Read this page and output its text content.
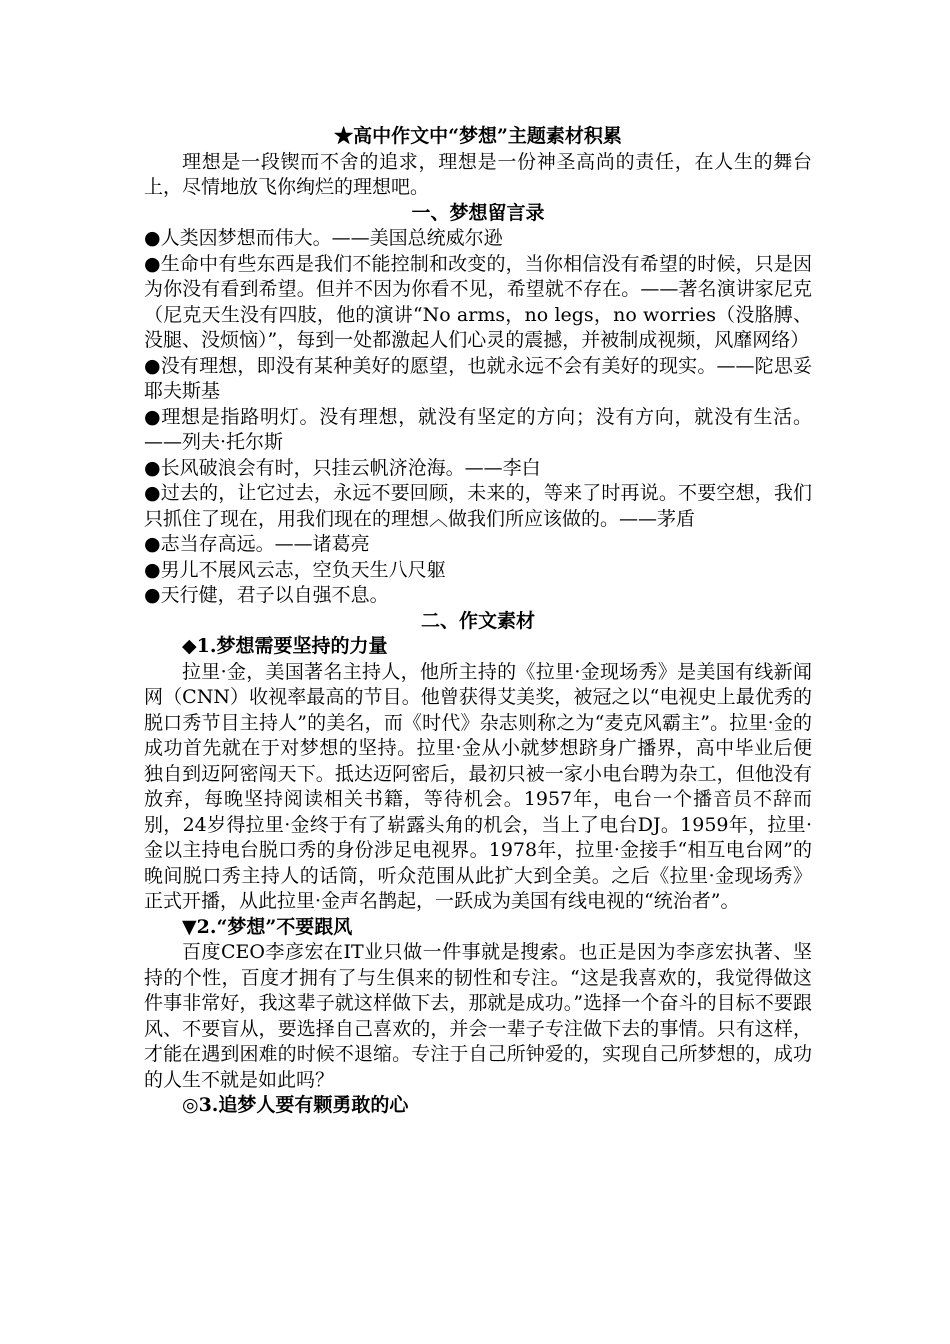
★高中作文中“梦想”主题素材积累

理想是一段锲而不舍的追求，理想是一份神圣高尚的责任，在人生的舞台上，尽情地放飞你绚烂的理想吧。

一、梦想留言录

●人类因梦想而伟大。——美国总统威尔逊

●生命中有些东西是我们不能控制和改变的，当你相信没有希望的时候，只是因为你没有看到希望。但并不因为你看不见，希望就不存在。——著名演讲家尼克（尼克天生没有四肢，他的演讲“No arms，no legs，no worries（没胳膊、没腿、没烦恼）”，每到一处都激起人们心灵的震撼，并被制成视频，风靡网络）

●没有理想，即没有某种美好的愿望，也就永远不会有美好的现实。——陀思妥耶夫斯基

●理想是指路明灯。没有理想，就没有坚定的方向；没有方向，就没有生活。——列夫·托尔斯

●长风破浪会有时，只挂云帆济沧海。——李白

●过去的，让它过去，永远不要回顾，未来的，等来了时再说。不要空想，我们只抓住了现在，用我们现在的理想︿做我们所应该做的。——茅盾

●志当存高远。——诸葛亮

●男儿不展风云志，空负天生八尺躯

●天行健，君子以自强不息。

二、作文素材

◆1.梦想需要坚持的力量

拉里·金，美国著名主持人，他所主持的《拉里·金现场秀》是美国有线新闻网（CNN）收视率最高的节目。他曾获得艾美奖，被冠之以“电视史上最优秀的脱口秀节目主持人”的美名，而《时代》杂志则称之为“麦克风霸主”。拉里·金的成功首先就在于对梦想的坚持。拉里·金从小就梦想跻身广播界，高中毕业后便独自到迈阿密闯天下。抵达迈阿密后，最初只被一家小电台聘为杂工，但他没有放弃，每晚坚持阅读相关书籍，等待机会。1957年，电台一个播音员不辞而别，24岁得拉里·金终于有了崭露头角的机会，当上了电台DJ。1959年，拉里·金以主持电台脱口秀的身份涉足电视界。1978年，拉里·金接手“相互电台网”的晚间脱口秀主持人的话筒，听众范围从此扩大到全美。之后《拉里·金现场秀》正式开播，从此拉里·金声名鹊起，一跃成为美国有线电视的“统治者”。

▼2.“梦想”不要跟风

百度CEO李彦宏在IT业只做一件事就是搜索。也正是因为李彦宏执著、坚持的个性，百度才拥有了与生俱来的韧性和专注。“这是我喜欢的，我觉得做这件事非常好，我这辈子就这样做下去，那就是成功。”选择一个奋斗的目标不要跟风、不要盲从，要选择自己喜欢的，并会一辈子专注做下去的事情。只有这样，才能在遇到困难的时候不退缩。专注于自己所钟爱的，实现自己所梦想的，成功的人生不就是如此吗？

◎3.追梦人要有颗勇敢的心
